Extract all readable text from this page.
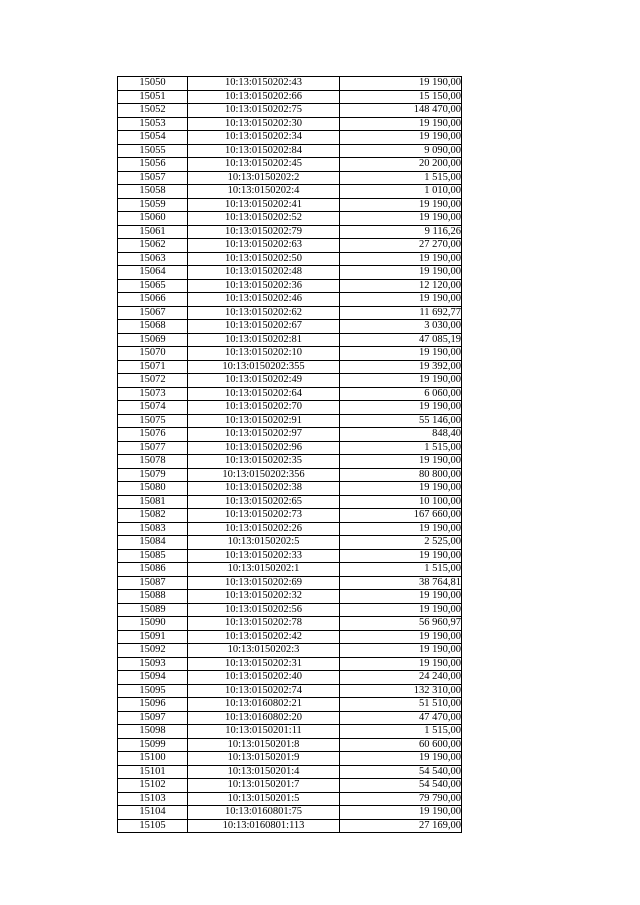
15050	10:13:0150202:43	19 190,00
15051	10:13:0150202:66	15 150,00
15052	10:13:0150202:75	148 470,00
15053	10:13:0150202:30	19 190,00
15054	10:13:0150202:34	19 190,00
15055	10:13:0150202:84	9 090,00
15056	10:13:0150202:45	20 200,00
15057	10:13:0150202:2	1 515,00
15058	10:13:0150202:4	1 010,00
15059	10:13:0150202:41	19 190,00
15060	10:13:0150202:52	19 190,00
15061	10:13:0150202:79	9 116,26
15062	10:13:0150202:63	27 270,00
15063	10:13:0150202:50	19 190,00
15064	10:13:0150202:48	19 190,00
15065	10:13:0150202:36	12 120,00
15066	10:13:0150202:46	19 190,00
15067	10:13:0150202:62	11 692,77
15068	10:13:0150202:67	3 030,00
15069	10:13:0150202:81	47 085,19
15070	10:13:0150202:10	19 190,00
15071	10:13:0150202:355	19 392,00
15072	10:13:0150202:49	19 190,00
15073	10:13:0150202:64	6 060,00
15074	10:13:0150202:70	19 190,00
15075	10:13:0150202:91	55 146,00
15076	10:13:0150202:97	848,40
15077	10:13:0150202:96	1 515,00
15078	10:13:0150202:35	19 190,00
15079	10:13:0150202:356	80 800,00
15080	10:13:0150202:38	19 190,00
15081	10:13:0150202:65	10 100,00
15082	10:13:0150202:73	167 660,00
15083	10:13:0150202:26	19 190,00
15084	10:13:0150202:5	2 525,00
15085	10:13:0150202:33	19 190,00
15086	10:13:0150202:1	1 515,00
15087	10:13:0150202:69	38 764,81
15088	10:13:0150202:32	19 190,00
15089	10:13:0150202:56	19 190,00
15090	10:13:0150202:78	56 960,97
15091	10:13:0150202:42	19 190,00
15092	10:13:0150202:3	19 190,00
15093	10:13:0150202:31	19 190,00
15094	10:13:0150202:40	24 240,00
15095	10:13:0150202:74	132 310,00
15096	10:13:0160802:21	51 510,00
15097	10:13:0160802:20	47 470,00
15098	10:13:0150201:11	1 515,00
15099	10:13:0150201:8	60 600,00
15100	10:13:0150201:9	19 190,00
15101	10:13:0150201:4	54 540,00
15102	10:13:0150201:7	54 540,00
15103	10:13:0150201:5	79 790,00
15104	10:13:0160801:75	19 190,00
15105	10:13:0160801:113	27 169,00
